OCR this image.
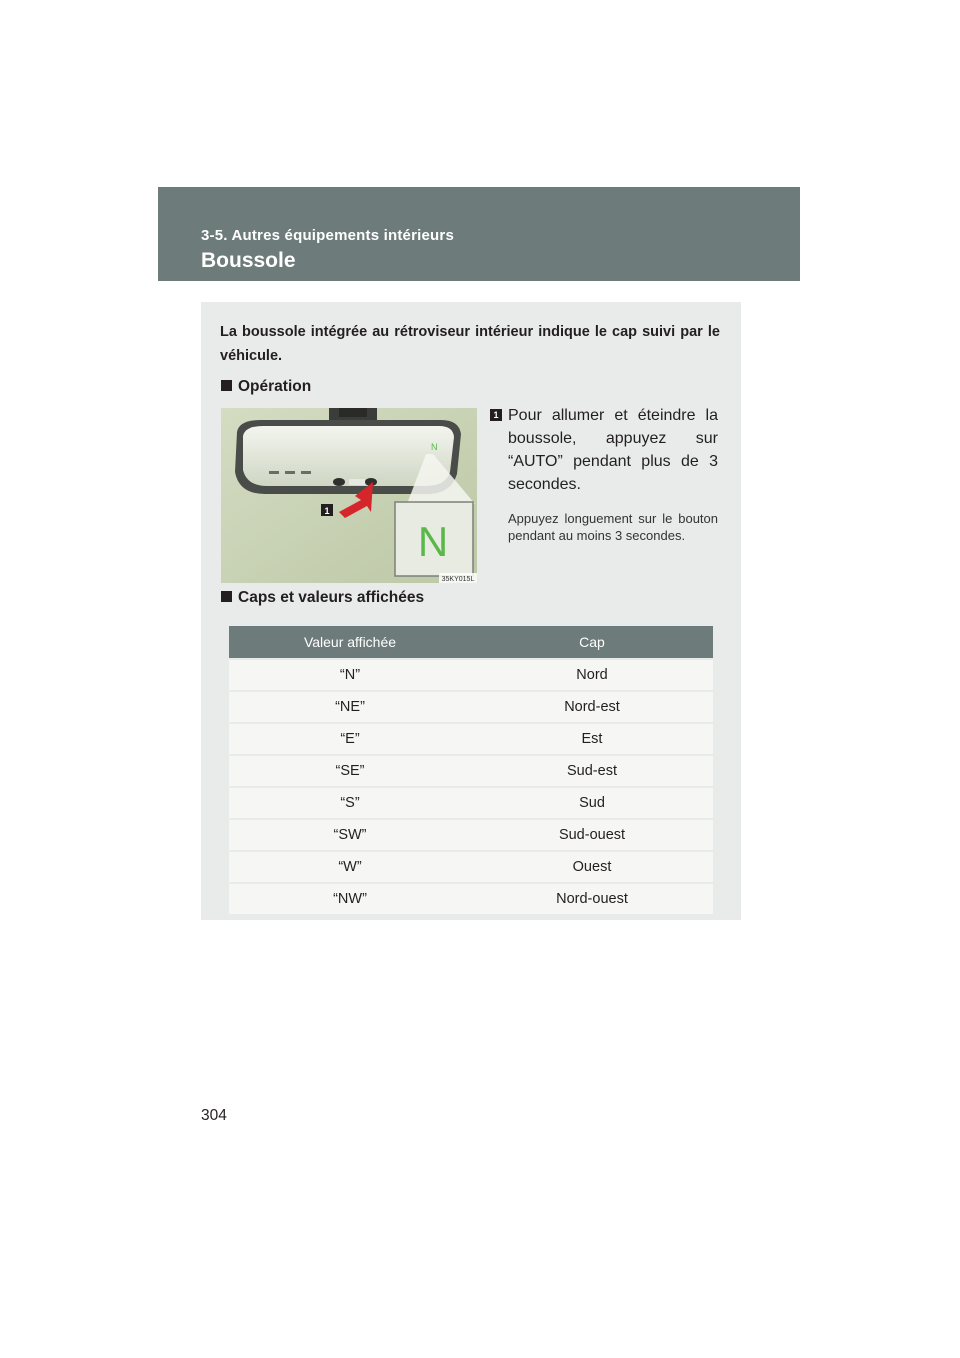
3-5. Autres équipements intérieurs
Boussole
La boussole intégrée au rétroviseur intérieur indique le cap suivi par le véhicule.
Opération
N
1
N
35KY015L
1 Pour allumer et éteindre la boussole, appuyez sur “AUTO” pendant plus de 3 secondes.
Appuyez longuement sur le bouton pendant au moins 3 secondes.
Caps et valeurs affichées
Valeur affichée	Cap
“N”	Nord
“NE”	Nord-est
“E”	Est
“SE”	Sud-est
“S”	Sud
“SW”	Sud-ouest
“W”	Ouest
“NW”	Nord-ouest
304
